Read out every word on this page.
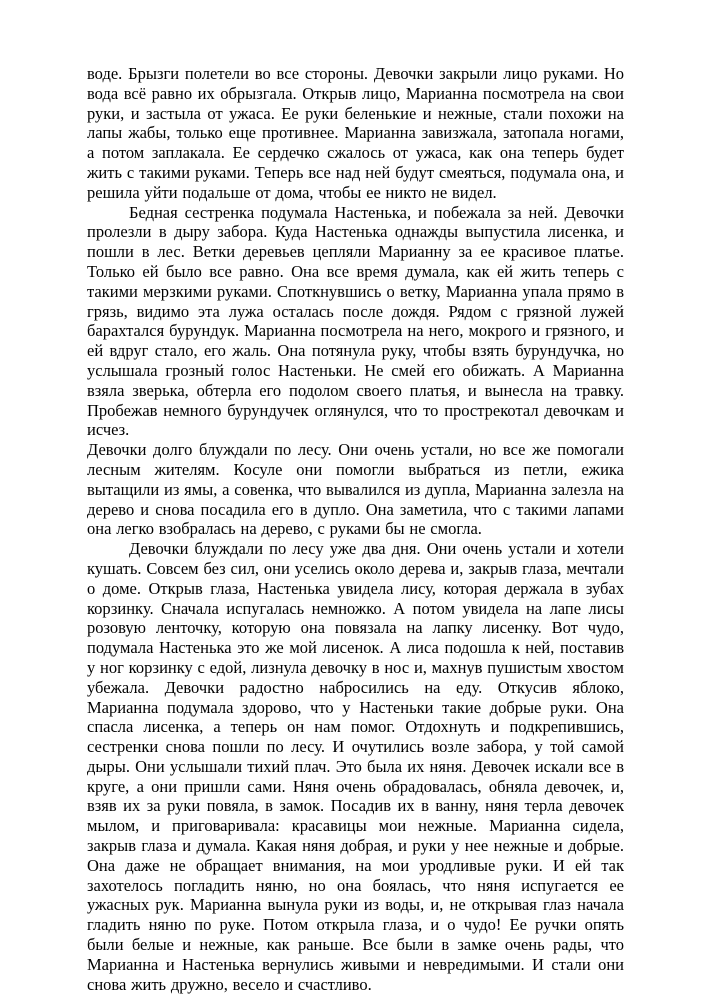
воде. Брызги полетели во все стороны. Девочки закрыли лицо руками. Но вода всё равно их обрызгала. Открыв лицо, Марианна посмотрела на свои руки, и застыла от ужаса. Ее руки беленькие и нежные, стали похожи на лапы жабы, только еще противнее. Марианна завизжала, затопала ногами, а потом заплакала. Ее сердечко сжалось от ужаса, как она теперь будет жить с такими руками. Теперь все над ней будут смеяться, подумала она, и решила уйти подальше от дома, чтобы ее никто не видел.

Бедная сестренка подумала Настенька, и побежала за ней. Девочки пролезли в дыру забора. Куда Настенька однажды выпустила лисенка, и пошли в лес. Ветки деревьев цепляли Марианну за ее красивое платье. Только ей было все равно. Она все время думала, как ей жить теперь с такими мерзкими руками. Споткнувшись о ветку, Марианна упала прямо в грязь, видимо эта лужа осталась после дождя. Рядом с грязной лужей барахтался бурундук. Марианна посмотрела на него, мокрого и грязного, и ей вдруг стало, его жаль. Она потянула руку, чтобы взять бурундучка, но услышала грозный голос Настеньки. Не смей его обижать. А Марианна взяла зверька, обтерла его подолом своего платья, и вынесла на травку. Пробежав немного бурундучек оглянулся, что то прострекотал девочкам и исчез.

Девочки долго блуждали по лесу. Они очень устали, но все же помогали лесным жителям. Косуле они помогли выбраться из петли, ежика вытащили из ямы, а совенка, что вывалился из дупла, Марианна залезла на дерево и снова посадила его в дупло. Она заметила, что с такими лапами она легко взобралась на дерево, с руками бы не смогла.

Девочки блуждали по лесу уже два дня. Они очень устали и хотели кушать. Совсем без сил, они уселись около дерева и, закрыв глаза, мечтали о доме. Открыв глаза, Настенька увидела лису, которая держала в зубах корзинку. Сначала испугалась немножко. А потом увидела на лапе лисы розовую ленточку, которую она повязала на лапку лисенку. Вот чудо, подумала Настенька это же мой лисенок. А лиса подошла к ней, поставив у ног корзинку с едой, лизнула девочку в нос и, махнув пушистым хвостом убежала. Девочки радостно набросились на еду. Откусив яблоко, Марианна подумала здорово, что у Настеньки такие добрые руки. Она спасла лисенка, а теперь он нам помог. Отдохнуть и подкрепившись, сестренки снова пошли по лесу. И очутились возле забора, у той самой дыры. Они услышали тихий плач. Это была их няня. Девочек искали все в круге, а они пришли сами. Няня очень обрадовалась, обняла девочек, и, взяв их за руки повяла, в замок. Посадив их в ванну, няня терла девочек мылом, и приговаривала: красавицы мои нежные. Марианна сидела, закрыв глаза и думала. Какая няня добрая, и руки у нее нежные и добрые. Она даже не обращает внимания, на мои уродливые руки. И ей так захотелось погладить няню, но она боялась, что няня испугается ее ужасных рук. Марианна вынула руки из воды, и, не открывая глаз начала гладить няню по руке. Потом открыла глаза, и о чудо! Ее ручки опять были белые и нежные, как раньше. Все были в замке очень рады, что Марианна и Настенька вернулись живыми и невредимыми. И стали они снова жить дружно, весело и счастливо.
